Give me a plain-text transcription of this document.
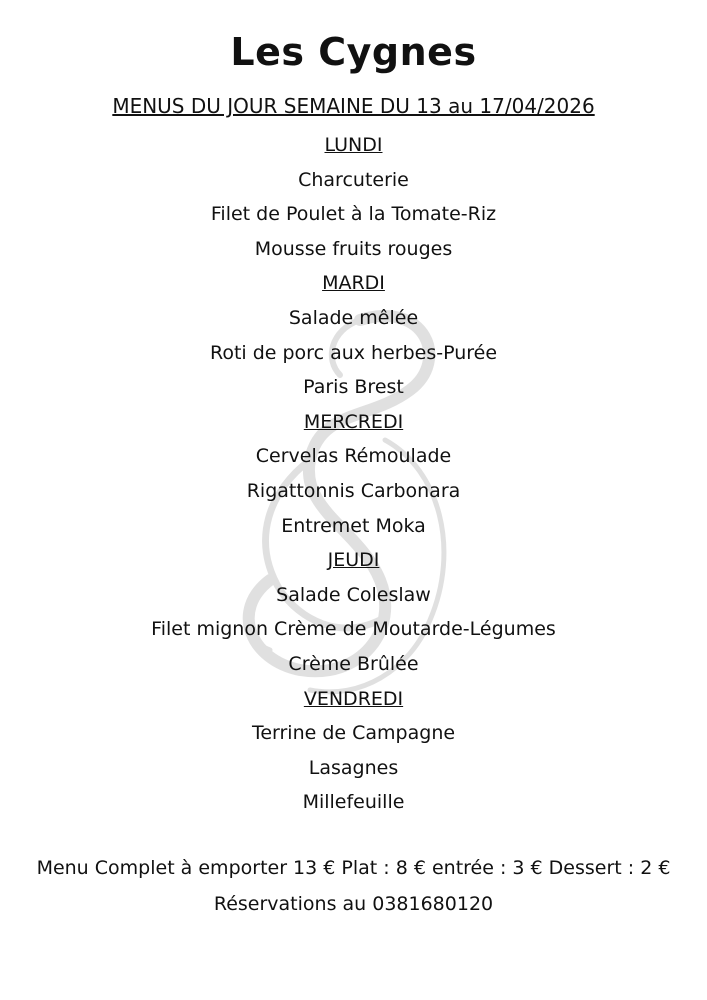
Les Cygnes
MENUS DU JOUR SEMAINE DU 13 au 17/04/2026
LUNDI
Charcuterie
Filet de Poulet à la Tomate-Riz
Mousse fruits rouges
MARDI
Salade mêlée
Roti de porc aux herbes-Purée
Paris Brest
MERCREDI
Cervelas Rémoulade
Rigattonnis Carbonara
Entremet Moka
JEUDI
Salade Coleslaw
Filet mignon Crème de Moutarde-Légumes
Crème Brûlée
VENDREDI
Terrine de Campagne
Lasagnes
Millefeuille
Menu Complet à emporter 13 € Plat : 8 € entrée : 3 € Dessert : 2 €
Réservations au 0381680120
